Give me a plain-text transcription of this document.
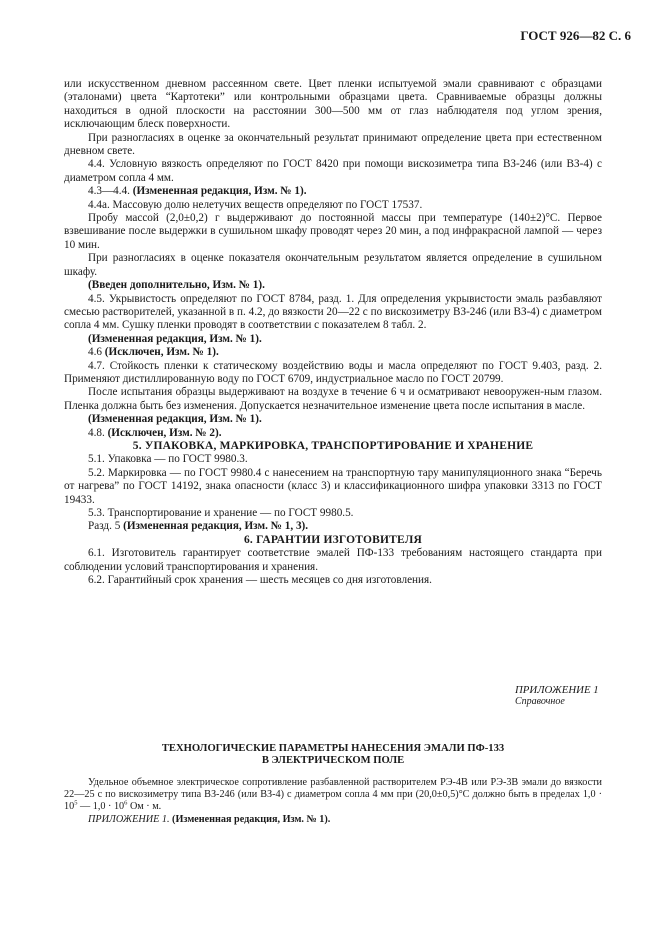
ГОСТ 926—82 С. 6

или искусственном дневном рассеянном свете. Цвет пленки испытуемой эмали сравнивают с образцами (эталонами) цвета “Картотеки” или контрольными образцами цвета. Сравниваемые образцы должны находиться в одной плоскости на расстоянии 300—500 мм от глаз наблюдателя под углом зрения, исключающим блеск поверхности.

При разногласиях в оценке за окончательный результат принимают определение цвета при естественном дневном свете.

4.4. Условную вязкость определяют по ГОСТ 8420 при помощи вискозиметра типа ВЗ-246 (или ВЗ-4) с диаметром сопла 4 мм.

4.3—4.4. (Измененная редакция, Изм. № 1).

4.4а. Массовую долю нелетучих веществ определяют по ГОСТ 17537.

Пробу массой (2,0±0,2) г выдерживают до постоянной массы при температуре (140±2)°С. Первое взвешивание после выдержки в сушильном шкафу проводят через 20 мин, а под инфракрасной лампой — через 10 мин.

При разногласиях в оценке показателя окончательным результатом является определение в сушильном шкафу.

(Введен дополнительно, Изм. № 1).

4.5. Укрывистость определяют по ГОСТ 8784, разд. 1. Для определения укрывистости эмаль разбавляют смесью растворителей, указанной в п. 4.2, до вязкости 20—22 с по вискозиметру ВЗ-246 (или ВЗ-4) с диаметром сопла 4 мм. Сушку пленки проводят в соответствии с показателем 8 табл. 2.

(Измененная редакция, Изм. № 1).

4.6 (Исключен, Изм. № 1).

4.7. Стойкость пленки к статическому воздействию воды и масла определяют по ГОСТ 9.403, разд. 2. Применяют дистиллированную воду по ГОСТ 6709, индустриальное масло по ГОСТ 20799.

После испытания образцы выдерживают на воздухе в течение 6 ч и осматривают невооружен-ным глазом. Пленка должна быть без изменения. Допускается незначительное изменение цвета после испытания в масле.

(Измененная редакция, Изм. № 1).

4.8. (Исключен, Изм. № 2).

5. УПАКОВКА, МАРКИРОВКА, ТРАНСПОРТИРОВАНИЕ И ХРАНЕНИЕ

5.1. Упаковка — по ГОСТ 9980.3.

5.2. Маркировка — по ГОСТ 9980.4 с нанесением на транспортную тару манипуляционного знака “Беречь от нагрева” по ГОСТ 14192, знака опасности (класс 3) и классификационного шифра упаковки 3313 по ГОСТ 19433.

5.3. Транспортирование и хранение — по ГОСТ 9980.5.

Разд. 5 (Измененная редакция, Изм. № 1, 3).

6. ГАРАНТИИ ИЗГОТОВИТЕЛЯ

6.1. Изготовитель гарантирует соответствие эмалей ПФ-133 требованиям настоящего стандарта при соблюдении условий транспортирования и хранения.

6.2. Гарантийный срок хранения — шесть месяцев со дня изготовления.

ПРИЛОЖЕНИЕ 1
Справочное
ТЕХНОЛОГИЧЕСКИЕ ПАРАМЕТРЫ НАНЕСЕНИЯ ЭМАЛИ ПФ-133
В ЭЛЕКТРИЧЕСКОМ ПОЛЕ

Удельное объемное электрическое сопротивление разбавленной растворителем РЭ-4В или РЭ-3В эмали до вязкости 22—25 с по вискозиметру типа ВЗ-246 (или ВЗ-4) с диаметром сопла 4 мм при (20,0±0,5)°С должно быть в пределах $1,0 \cdot 10^5$ — $1,0 \cdot 10^6$ Ом · м.

ПРИЛОЖЕНИЕ 1. (Измененная редакция, Изм. № 1).
